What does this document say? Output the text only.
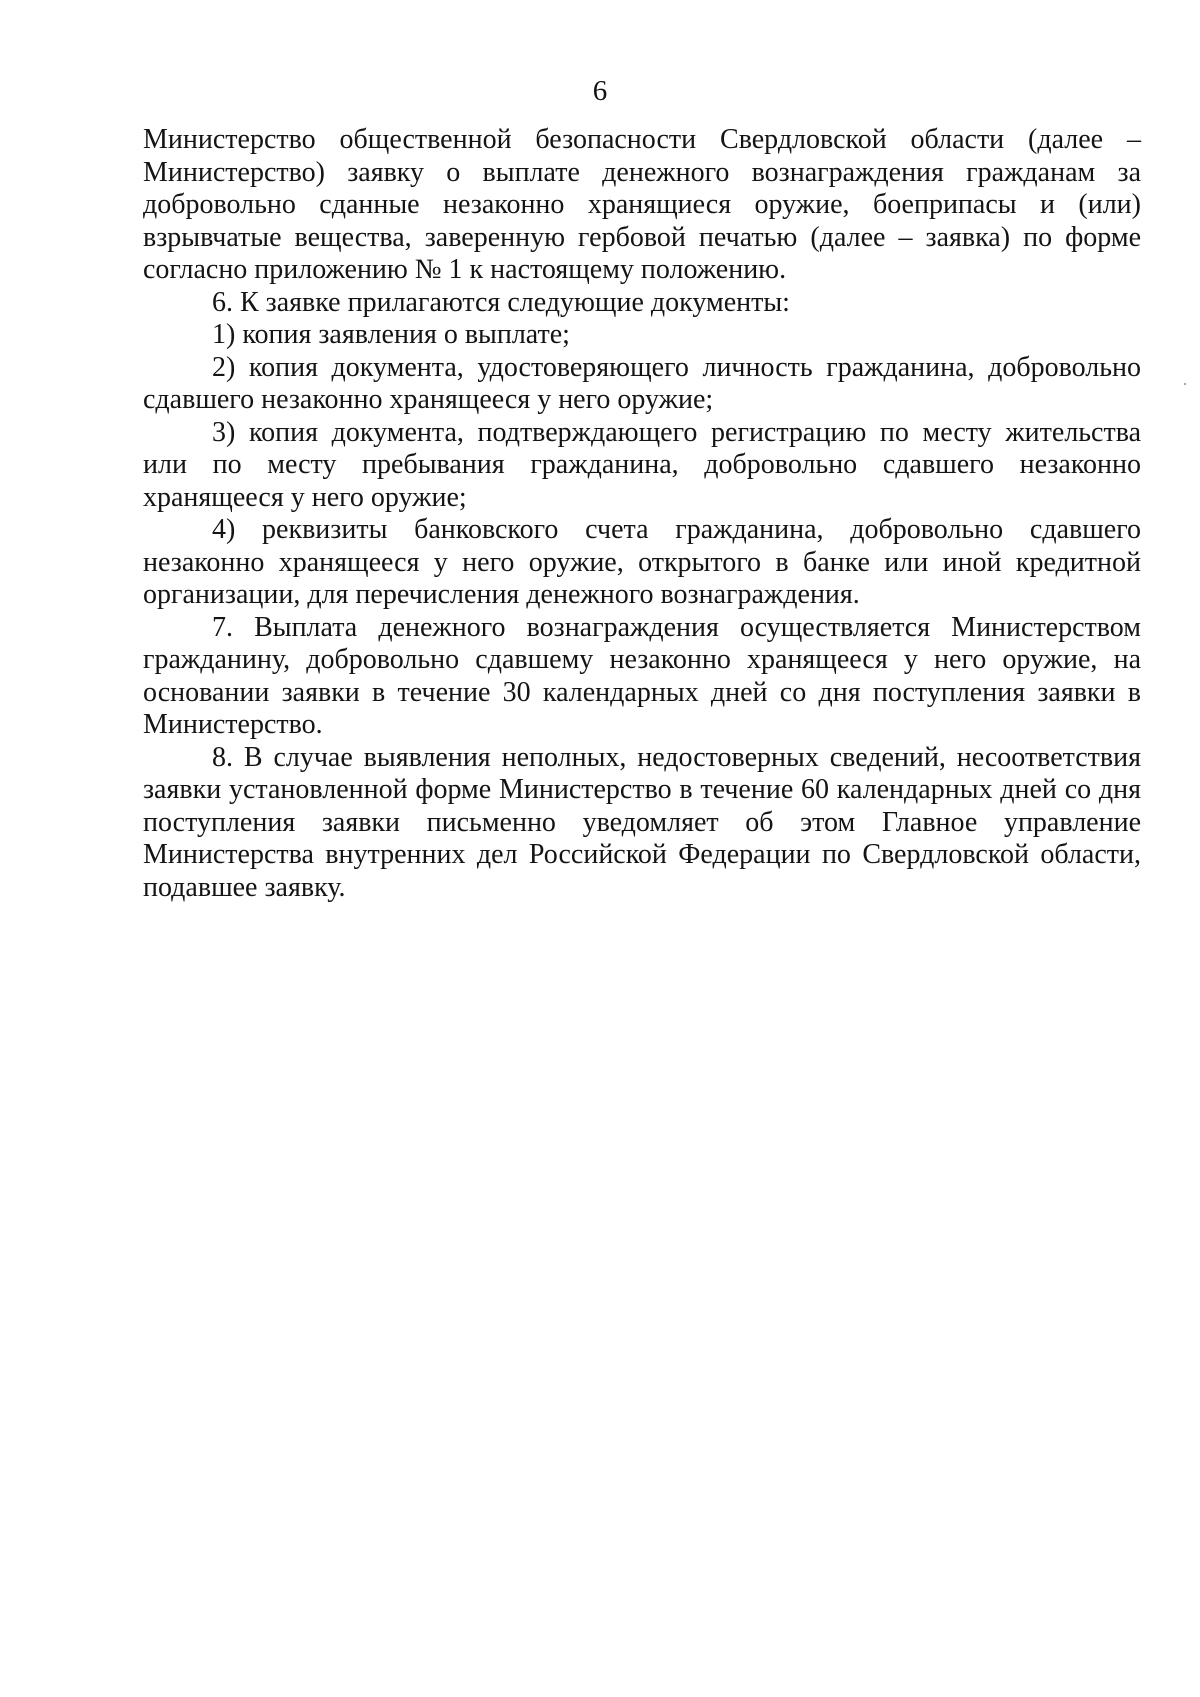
6

Министерство общественной безопасности Свердловской области (далее – Министерство) заявку о выплате денежного вознаграждения гражданам за добровольно сданные незаконно хранящиеся оружие, боеприпасы и (или) взрывчатые вещества, заверенную гербовой печатью (далее – заявка) по форме согласно приложению № 1 к настоящему положению.

6. К заявке прилагаются следующие документы:

1) копия заявления о выплате;

2) копия документа, удостоверяющего личность гражданина, добровольно сдавшего незаконно хранящееся у него оружие;

3) копия документа, подтверждающего регистрацию по месту жительства или по месту пребывания гражданина, добровольно сдавшего незаконно хранящееся у него оружие;

4) реквизиты банковского счета гражданина, добровольно сдавшего незаконно хранящееся у него оружие, открытого в банке или иной кредитной организации, для перечисления денежного вознаграждения.

7. Выплата денежного вознаграждения осуществляется Министерством гражданину, добровольно сдавшему незаконно хранящееся у него оружие, на основании заявки в течение 30 календарных дней со дня поступления заявки в Министерство.

8. В случае выявления неполных, недостоверных сведений, несоответствия заявки установленной форме Министерство в течение 60 календарных дней со дня поступления заявки письменно уведомляет об этом Главное управление Министерства внутренних дел Российской Федерации по Свердловской области, подавшее заявку.
